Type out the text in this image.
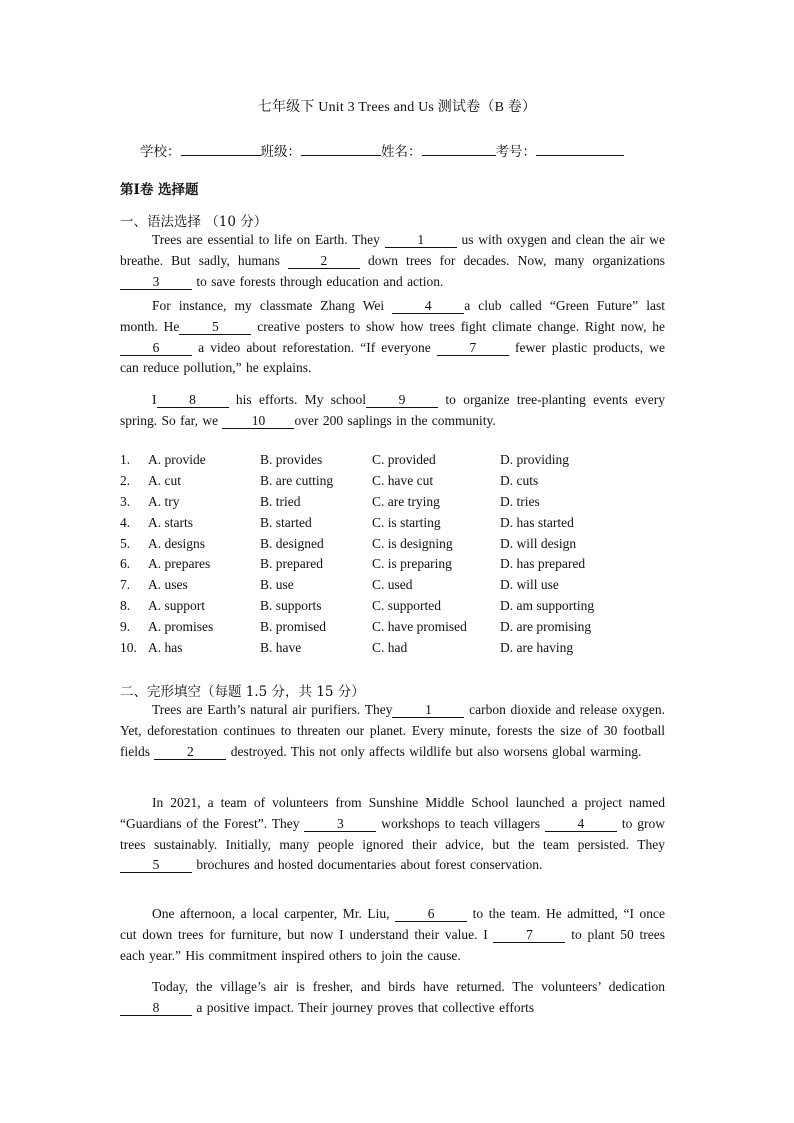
七年级下 Unit 3 Trees and Us 测试卷（B 卷）
学校：	班级：	姓名：	考号：
第Ⅰ卷 选择题
一、语法选择 （10 分）

Trees are essential to life on Earth. They 1 us with oxygen and clean the air we breathe. But sadly, humans 2 down trees for decades. Now, many organizations 3 to save forests through education and action.

For instance, my classmate Zhang Wei 4 a club called “Green Future” last month. He 5 creative posters to show how trees fight climate change. Right now, he6 a video about reforestation. “If everyone 7 fewer plastic products, we can reduce pollution,” he explains.

I 8 his efforts. My school 9 to organize tree-planting events every spring. So far, we 10 over 200 saplings in the community.

1. A. provide	B. provides	C. provided	D. providing
2. A. cut	B. are cutting	C. have cut	D. cuts
3. A. try	B. tried	C. are trying	D. tries
4. A. starts	B. started	C. is starting	D. has started
5. A. designs	B. designed	C. is designing	D. will design
6. A. prepares	B. prepared	C. is preparing	D. has prepared
7. A. uses	B. use	C. used	D. will use
8. A. support	B. supports	C. supported	D. am supporting
9. A. promises	B. promised	C. have promised D. are promising
10. A. has	B. have	C. had	D. are having
二、完形填空（每题 1.5 分，共 15 分）

Trees are Earth’s natural air purifiers. They 1 carbon dioxide and release oxygen. Yet, deforestation continues to threaten our planet. Every minute, forests the size of 30 football fields 2 destroyed. This not only affects wildlife but also worsens global warming.

In 2021, a team of volunteers from Sunshine Middle School launched a project named “Guardians of the Forest”. They 3 workshops to teach villagers 4 to grow trees sustainably. Initially, many people ignored their advice, but the team persisted. They5 brochures and hosted documentaries about forest conservation.

One afternoon, a local carpenter, Mr. Liu, 6 to the team. He admitted, “I once cut down trees for furniture, but now I understand their value. I 7 to plant 50 trees each year.” His commitment inspired others to join the cause.

Today, the village’s air is fresher, and birds have returned. The volunteers’ dedication 8 a positive impact. Their journey proves that collective efforts
